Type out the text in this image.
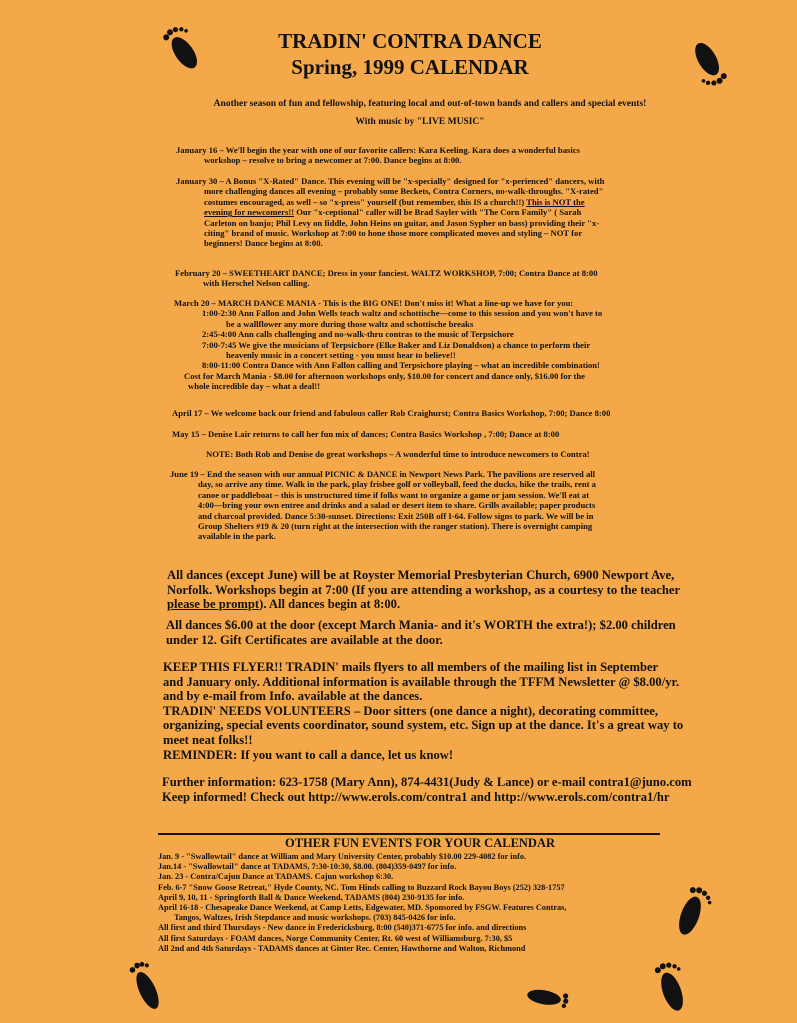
TRADIN' CONTRA DANCE
Spring, 1999 CALENDAR
Another season of fun and fellowship, featuring local and out-of-town bands and callers and special events!
With music by "LIVE MUSIC"
January 16 – We'll begin the year with one of our favorite callers: Kara Keeling. Kara does a wonderful basics
workshop – resolve to bring a newcomer at 7:00. Dance begins at 8:00.
January 30 – A Bonus "X-Rated" Dance. This evening will be "x-specially" designed for "x-perienced" dancers, with
more challenging dances all evening – probably some Beckets, Contra Corners, no-walk-throughs. "X-rated"
costumes encouraged, as well – so "x-press" yourself (but remember, this IS a church!!) This is NOT the
evening for newcomers!! Our "x-ceptional" caller will be Brad Sayler with "The Corn Family" ( Sarah
Carleton on banjo; Phil Levy on fiddle, John Heins on guitar, and Jason Sypher on bass) providing their "x-
citing" brand of music. Workshop at 7:00 to hone those more complicated moves and styling – NOT for
beginners! Dance begins at 8:00.
February 20 – SWEETHEART DANCE; Dress in your fanciest. WALTZ WORKSHOP, 7:00; Contra Dance at 8:00
with Herschel Nelson calling.
March 20 – MARCH DANCE MANIA - This is the BIG ONE! Don't miss it! What a line-up we have for you:
1:00-2:30 Ann Fallon and John Wells teach waltz and schottische—come to this session and you won't have to
be a wallflower any more during those waltz and schottische breaks
2:45-4:00 Ann calls challenging and no-walk-thru contras to the music of Terpsichore
7:00-7:45 We give the musicians of Terpsichore (Elke Baker and Liz Donaldson) a chance to perform their
heavenly music in a concert setting - you must hear to believe!!
8:00-11:00 Contra Dance with Ann Fallon calling and Terpsichore playing – what an incredible combination!
Cost for March Mania - $8.00 for afternoon workshops only, $10.00 for concert and dance only, $16.00 for the
whole incredible day – what a deal!!
April 17 – We welcome back our friend and fabulous caller Rob Craighurst; Contra Basics Workshop, 7:00; Dance 8:00
May 15 – Denise Lair returns to call her fun mix of dances; Contra Basics Workshop , 7:00; Dance at 8:00
NOTE: Both Rob and Denise do great workshops – A wonderful time to introduce newcomers to Contra!
June 19 – End the season with our annual PICNIC & DANCE in Newport News Park. The pavilions are reserved all
day, so arrive any time. Walk in the park, play frisbee golf or volleyball, feed the ducks, hike the trails, rent a
canoe or paddleboat – this is unstructured time if folks want to organize a game or jam session. We'll eat at
4:00—bring your own entree and drinks and a salad or desert item to share. Grills available; paper products
and charcoal provided. Dance 5:30-sunset. Directions: Exit 250B off I-64. Follow signs to park. We will be in
Group Shelters #19 & 20 (turn right at the intersection with the ranger station). There is overnight camping
available in the park.
All dances (except June) will be at Royster Memorial Presbyterian Church, 6900 Newport Ave,
Norfolk. Workshops begin at 7:00 (If you are attending a workshop, as a courtesy to the teacher
please be prompt). All dances begin at 8:00.
All dances $6.00 at the door (except March Mania- and it's WORTH the extra!); $2.00 children
under 12. Gift Certificates are available at the door.
KEEP THIS FLYER!! TRADIN' mails flyers to all members of the mailing list in September
and January only. Additional information is available through the TFFM Newsletter @ $8.00/yr.
and by e-mail from Info. available at the dances.
TRADIN' NEEDS VOLUNTEERS – Door sitters (one dance a night), decorating committee,
organizing, special events coordinator, sound system, etc. Sign up at the dance. It's a great way to
meet neat folks!!
REMINDER: If you want to call a dance, let us know!
Further information: 623-1758 (Mary Ann), 874-4431(Judy & Lance) or e-mail contra1@juno.com
Keep informed! Check out http://www.erols.com/contra1 and http://www.erols.com/contra1/hr
OTHER FUN EVENTS FOR YOUR CALENDAR
Jan. 9 - "Swallowtail" dance at William and Mary University Center, probably $10.00 229-4082 for info.
Jan.14 - "Swallowtail" dance at TADAMS, 7:30-10:30, $8.00. (804)359-0497 for info.
Jan. 23 - Contra/Cajun Dance at TADAMS. Cajun workshop 6:30.
Feb. 6-7 "Snow Goose Retreat," Hyde County, NC. Tom Hinds calling to Buzzard Rock Bayou Boys (252) 328-1757
April 9, 10, 11 - Springforth Ball & Dance Weekend, TADAMS (804) 230-9135 for info.
April 16-18 - Chesapeake Dance Weekend, at Camp Letts, Edgewater, MD. Sponsored by FSGW. Features Contras,
Tangos, Waltzes, Irish Stepdance and music workshops. (703) 845-0426 for info.
All first and third Thursdays - New dance in Fredericksburg, 8:00 (540)371-6775 for info. and directions
All first Saturdays - FOAM dances, Norge Community Center, Rt. 60 west of Williamsburg. 7:30, $5
All 2nd and 4th Saturdays - TADAMS dances at Ginter Rec. Center, Hawthorne and Walton, Richmond
